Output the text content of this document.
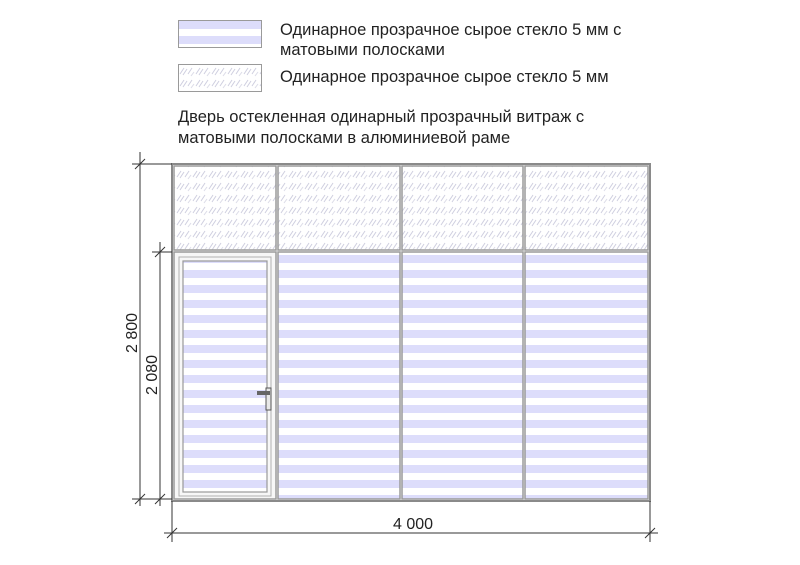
Одинарное прозрачное сырое стекло 5 мм с матовыми полосками
Одинарное прозрачное сырое стекло 5 мм
Дверь остекленная одинарный прозрачный витраж с матовыми полосками в алюминиевой раме
2 800
2 080
4 000
